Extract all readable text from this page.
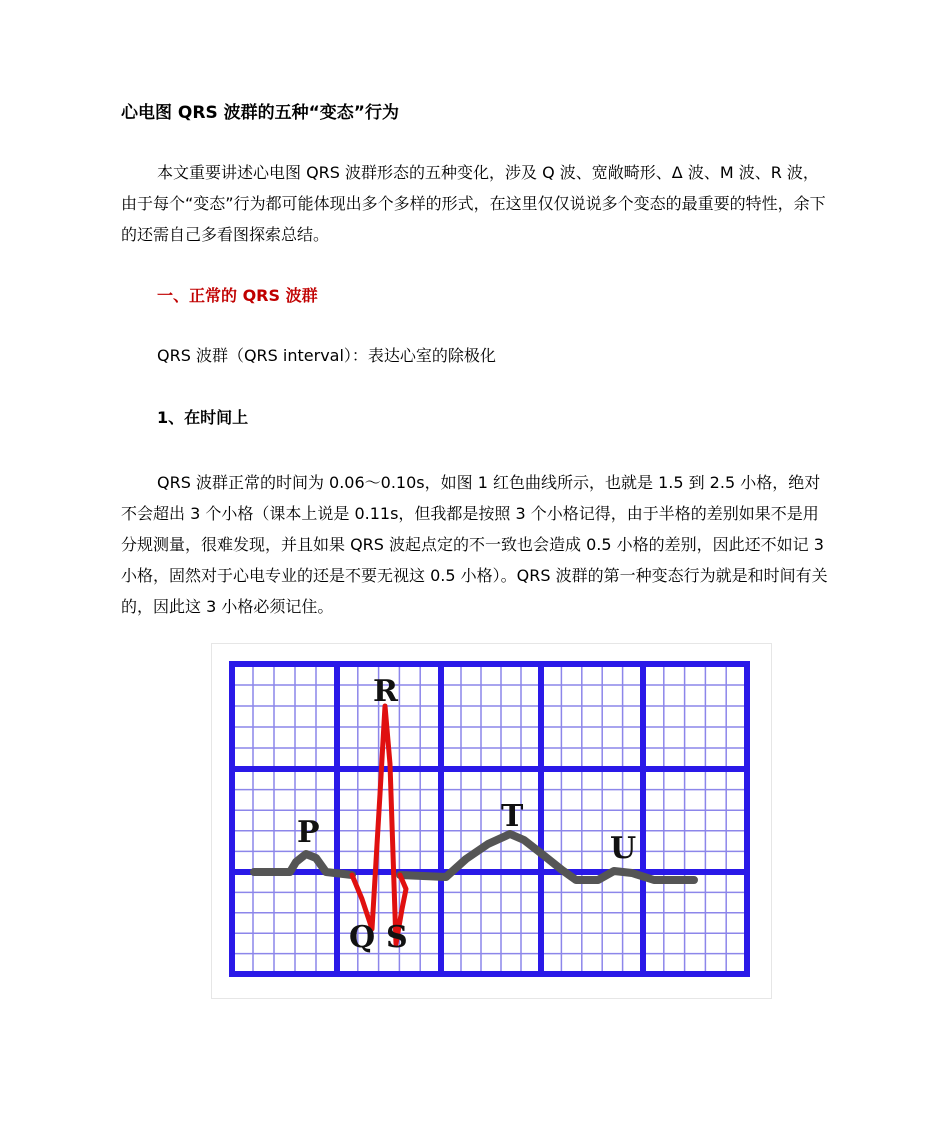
心电图 QRS 波群的五种“变态”行为

本文重要讲述心电图 QRS 波群形态的五种变化，涉及 Q 波、宽敞畸形、Δ 波、M 波、R 波，由于每个“变态”行为都可能体现出多个多样的形式，在这里仅仅说说多个变态的最重要的特性，余下的还需自己多看图探索总结。

一、正常的 QRS 波群
QRS 波群（QRS interval）：表达心室的除极化
1、在时间上

QRS 波群正常的时间为 0.06～0.10s，如图 1 红色曲线所示，也就是 1.5 到 2.5 小格，绝对不会超出 3 个小格（课本上说是 0.11s，但我都是按照 3 个小格记得，由于半格的差别如果不是用分规测量，很难发现，并且如果 QRS 波起点定的不一致也会造成 0.5 小格的差别，因此还不如记 3 小格，固然对于心电专业的还是不要无视这 0.5 小格）。QRS 波群的第一种变态行为就是和时间有关的，因此这 3 小格必须记住。

P
R
T
U
Q S
